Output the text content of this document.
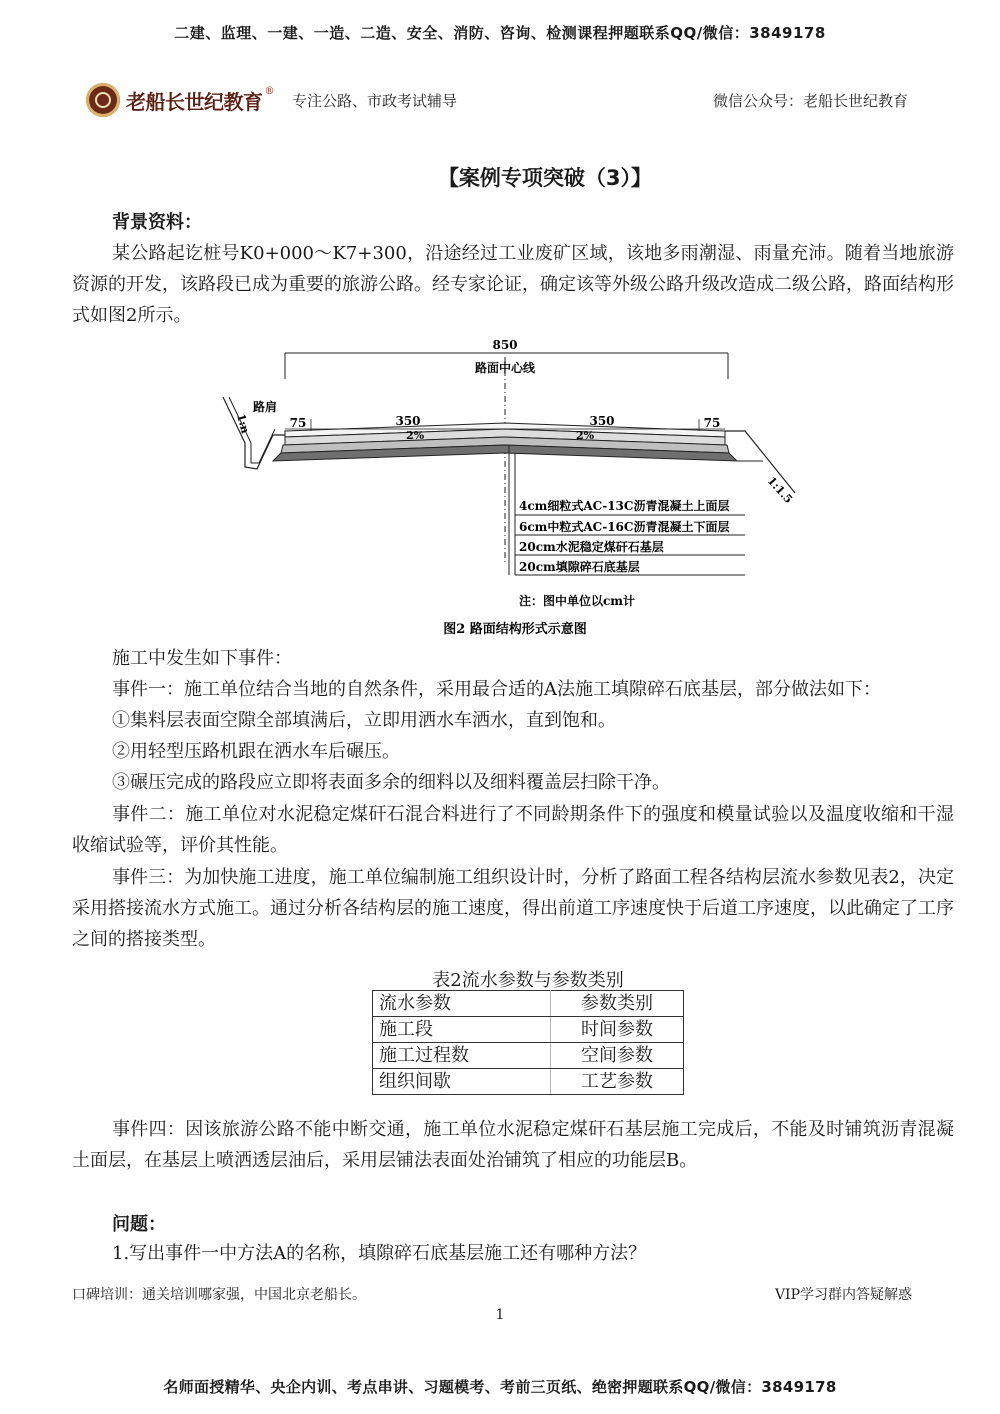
二建、监理、一建、一造、二造、安全、消防、咨询、检测课程押题联系QQ/微信：3849178
老船长世纪教育 ®
专注公路、市政考试辅导	微信公众号：老船长世纪教育
【案例专项突破（3）】
背景资料：
某公路起讫桩号K0+000～K7+300，沿途经过工业废矿区域，该地多雨潮湿、雨量充沛。随着当地旅游资源的开发，该路段已成为重要的旅游公路。经专家论证，确定该等外级公路升级改造成二级公路，路面结构形式如图2所示。
850
路面中心线
路肩
1:n
1:1.5
75	350	350	75
2%	2%
4cm细粒式AC-13C沥青混凝土上面层
6cm中粒式AC-16C沥青混凝土下面层
20cm水泥稳定煤矸石基层
20cm填隙碎石底基层
注：图中单位以cm计
图2 路面结构形式示意图
施工中发生如下事件：
事件一：施工单位结合当地的自然条件，采用最合适的A法施工填隙碎石底基层，部分做法如下：
①集料层表面空隙全部填满后，立即用洒水车洒水，直到饱和。
②用轻型压路机跟在洒水车后碾压。
③碾压完成的路段应立即将表面多余的细料以及细料覆盖层扫除干净。
事件二：施工单位对水泥稳定煤矸石混合料进行了不同龄期条件下的强度和模量试验以及温度收缩和干湿收缩试验等，评价其性能。
事件三：为加快施工进度，施工单位编制施工组织设计时，分析了路面工程各结构层流水参数见表2，决定采用搭接流水方式施工。通过分析各结构层的施工速度，得出前道工序速度快于后道工序速度，以此确定了工序之间的搭接类型。
表2流水参数与参数类别
流水参数	参数类别
施工段	时间参数
施工过程数	空间参数
组织间歇	工艺参数
事件四：因该旅游公路不能中断交通，施工单位水泥稳定煤矸石基层施工完成后，不能及时铺筑沥青混凝土面层，在基层上喷洒透层油后，采用层铺法表面处治铺筑了相应的功能层B。
问题：
1.写出事件一中方法A的名称，填隙碎石底基层施工还有哪种方法？
口碑培训：通关培训哪家强，中国北京老船长。	VIP学习群内答疑解惑
1
名师面授精华、央企内训、考点串讲、习题模考、考前三页纸、绝密押题联系QQ/微信：3849178
